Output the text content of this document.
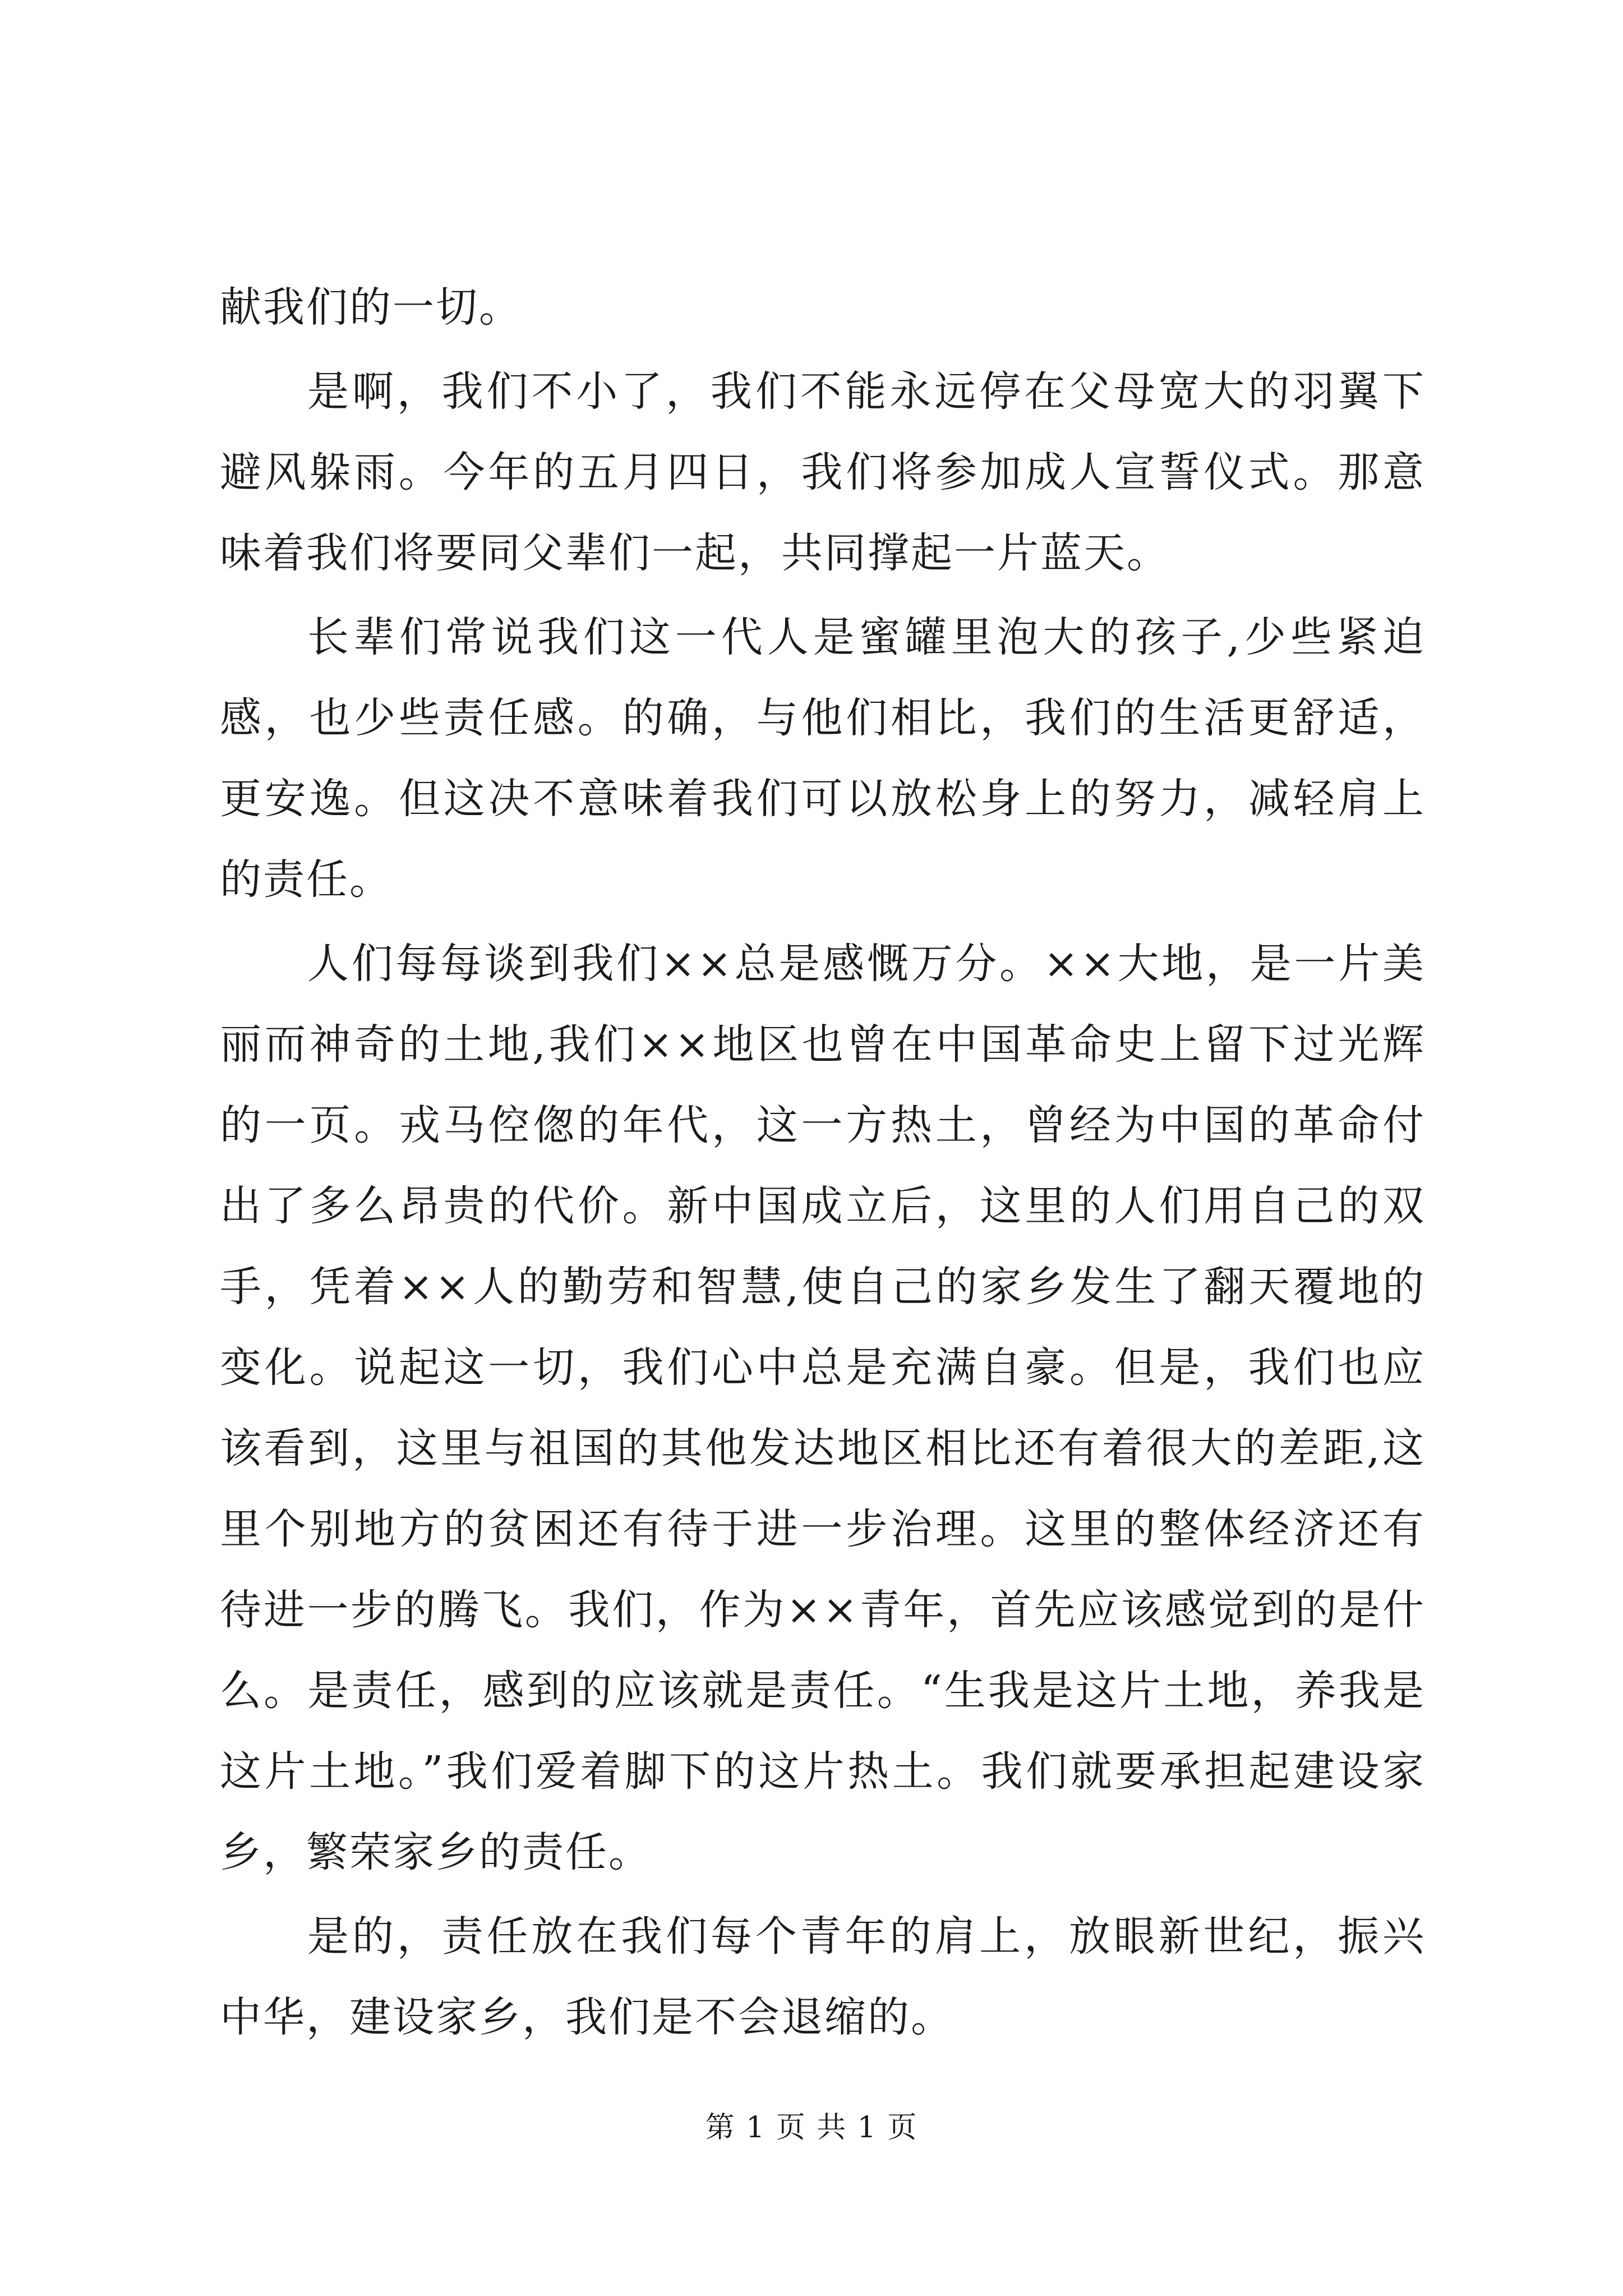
献我们的一切。

是啊，我们不小了，我们不能永远停在父母宽大的羽翼下避风躲雨。今年的五月四日，我们将参加成人宣誓仪式。那意味着我们将要同父辈们一起，共同撑起一片蓝天。

长辈们常说我们这一代人是蜜罐里泡大的孩子,少些紧迫感，也少些责任感。的确，与他们相比，我们的生活更舒适，更安逸。但这决不意味着我们可以放松身上的努力，减轻肩上的责任。

人们每每谈到我们××总是感慨万分。××大地，是一片美丽而神奇的土地,我们××地区也曾在中国革命史上留下过光辉的一页。戎马倥偬的年代，这一方热土，曾经为中国的革命付出了多么昂贵的代价。新中国成立后，这里的人们用自己的双手，凭着××人的勤劳和智慧,使自己的家乡发生了翻天覆地的变化。说起这一切，我们心中总是充满自豪。但是，我们也应该看到，这里与祖国的其他发达地区相比还有着很大的差距,这里个别地方的贫困还有待于进一步治理。这里的整体经济还有待进一步的腾飞。我们，作为××青年，首先应该感觉到的是什么。是责任，感到的应该就是责任。“生我是这片土地，养我是这片土地。”我们爱着脚下的这片热土。我们就要承担起建设家乡，繁荣家乡的责任。

是的，责任放在我们每个青年的肩上，放眼新世纪，振兴中华，建设家乡，我们是不会退缩的。

第 1 页 共 1 页
